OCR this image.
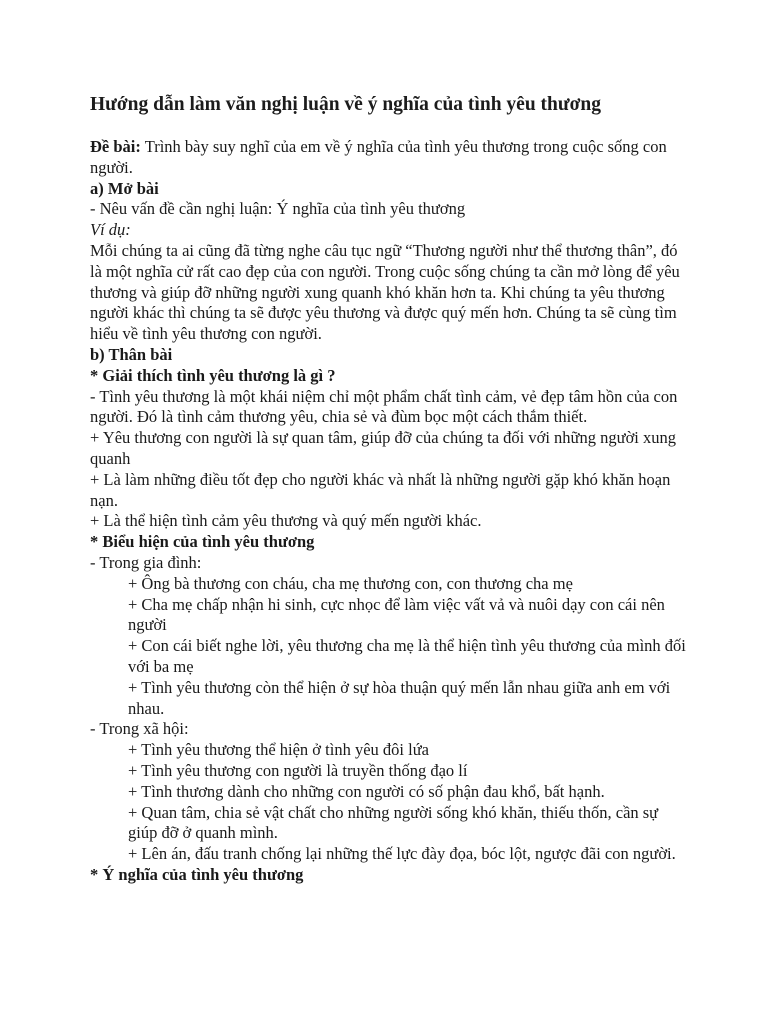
Hướng dẫn làm văn nghị luận về ý nghĩa của tình yêu thương

Đề bài: Trình bày suy nghĩ của em về ý nghĩa của tình yêu thương trong cuộc sống con người.

a) Mở bài

- Nêu vấn đề cần nghị luận: Ý nghĩa của tình yêu thương

Ví dụ:

Mỗi chúng ta ai cũng đã từng nghe câu tục ngữ “Thương người như thể thương thân”, đó là một nghĩa cử rất cao đẹp của con người. Trong cuộc sống chúng ta cần mở lòng để yêu thương và giúp đỡ những người xung quanh khó khăn hơn ta. Khi chúng ta yêu thương người khác thì chúng ta sẽ được yêu thương và được quý mến hơn. Chúng ta sẽ cùng tìm hiểu về tình yêu thương con người.

b) Thân bài

* Giải thích tình yêu thương là gì ?

- Tình yêu thương là một khái niệm chỉ một phẩm chất tình cảm, vẻ đẹp tâm hồn của con người. Đó là tình cảm thương yêu, chia sẻ và đùm bọc một cách thắm thiết.

+ Yêu thương con người là sự quan tâm, giúp đỡ của chúng ta đối với những người xung quanh

+ Là làm những điều tốt đẹp cho người khác và nhất là những người gặp khó khăn hoạn nạn.

+ Là thể hiện tình cảm yêu thương và quý mến người khác.

* Biểu hiện của tình yêu thương

- Trong gia đình:

+ Ông bà thương con cháu, cha mẹ thương con, con thương cha mẹ

+ Cha mẹ chấp nhận hi sinh, cực nhọc để làm việc vất vả và nuôi dạy con cái nên người

+ Con cái biết nghe lời, yêu thương cha mẹ là thể hiện tình yêu thương của mình đối với ba mẹ

+ Tình yêu thương còn thể hiện ở sự hòa thuận quý mến lẫn nhau giữa anh em với nhau.

- Trong xã hội:

+ Tình yêu thương thể hiện ở tình yêu đôi lứa

+ Tình yêu thương con người là truyền thống đạo lí

+ Tình thương dành cho những con người có số phận đau khổ, bất hạnh.

+ Quan tâm, chia sẻ vật chất cho những người sống khó khăn, thiếu thốn, cần sự giúp đỡ ở quanh mình.

+ Lên án, đấu tranh chống lại những thế lực đày đọa, bóc lột, ngược đãi con người.

* Ý nghĩa của tình yêu thương
